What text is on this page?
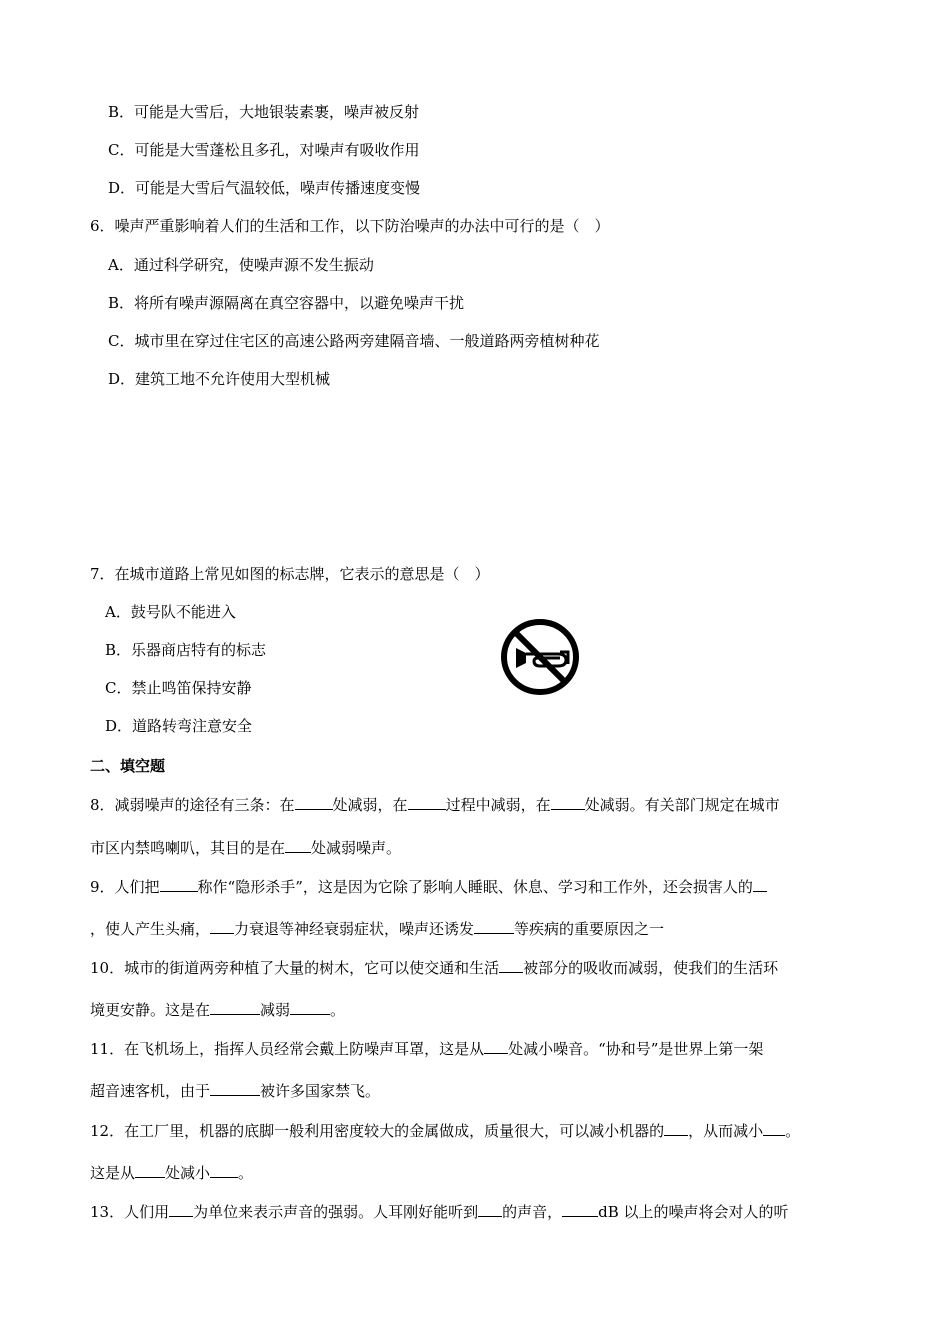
B．可能是大雪后，大地银装素裹，噪声被反射
C．可能是大雪蓬松且多孔，对噪声有吸收作用
D．可能是大雪后气温较低，噪声传播速度变慢
6．噪声严重影响着人们的生活和工作，以下防治噪声的办法中可行的是（　）
A．通过科学研究，使噪声源不发生振动
B．将所有噪声源隔离在真空容器中，以避免噪声干扰
C．城市里在穿过住宅区的高速公路两旁建隔音墙、一般道路两旁植树种花
D．建筑工地不允许使用大型机械
7．在城市道路上常见如图的标志牌，它表示的意思是（　）
A．鼓号队不能进入
B．乐器商店特有的标志
C．禁止鸣笛保持安静
D．道路转弯注意安全
二、填空题
8．减弱噪声的途径有三条：在	处减弱，在	过程中减弱，在 处减弱。有关部门规定在城市
市区内禁鸣喇叭，其目的是在 处减弱噪声。
9．人们把	称作“隐形杀手”，这是因为它除了影响人睡眠、休息、学习和工作外，还会损害人的
，使人产生头痛， 力衰退等神经衰弱症状，噪声还诱发	等疾病的重要原因之一
10．城市的街道两旁种植了大量的树木，它可以使交通和生活 被部分的吸收而减弱，使我们的生活环
境更安静。这是在	减弱	。
11．在飞机场上，指挥人员经常会戴上防噪声耳罩，这是从 处减小噪音。“协和号”是世界上第一架
超音速客机，由于	被许多国家禁飞。
12．在工厂里，机器的底脚一般利用密度较大的金属做成，质量很大，可以减小机器的 ，从而减小 。
这是从 处减小 。
13．人们用 为单位来表示声音的强弱。人耳刚好能听到 的声音， dB 以上的噪声将会对人的听
